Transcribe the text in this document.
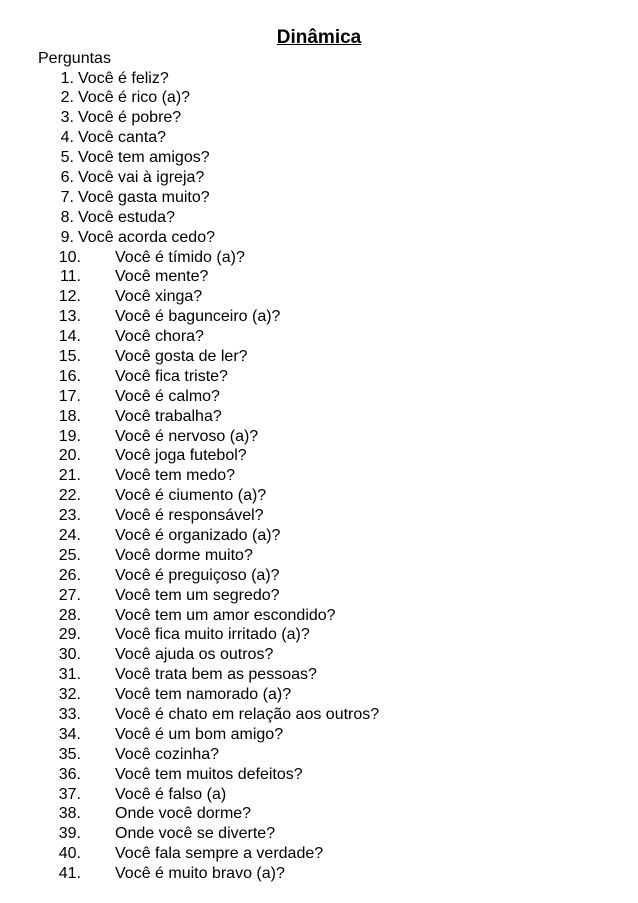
Dinâmica
Perguntas
1. Você é feliz?
2. Você é rico (a)?
3. Você é pobre?
4. Você canta?
5. Você tem amigos?
6. Você vai à igreja?
7. Você gasta muito?
8. Você estuda?
9. Você acorda cedo?
10. Você é tímido (a)?
11. Você mente?
12. Você xinga?
13. Você é bagunceiro (a)?
14. Você chora?
15. Você gosta de ler?
16. Você fica triste?
17. Você é calmo?
18. Você trabalha?
19. Você é nervoso (a)?
20. Você joga futebol?
21. Você tem medo?
22. Você é ciumento (a)?
23. Você é responsável?
24. Você é organizado (a)?
25. Você dorme muito?
26. Você é preguiçoso (a)?
27. Você tem um segredo?
28. Você tem um amor escondido?
29. Você fica muito irritado (a)?
30. Você ajuda os outros?
31. Você trata bem as pessoas?
32. Você tem namorado (a)?
33. Você é chato em relação aos outros?
34. Você é um bom amigo?
35. Você cozinha?
36. Você tem muitos defeitos?
37. Você é falso (a)
38. Onde você dorme?
39. Onde você se diverte?
40. Você fala sempre a verdade?
41. Você é muito bravo (a)?
